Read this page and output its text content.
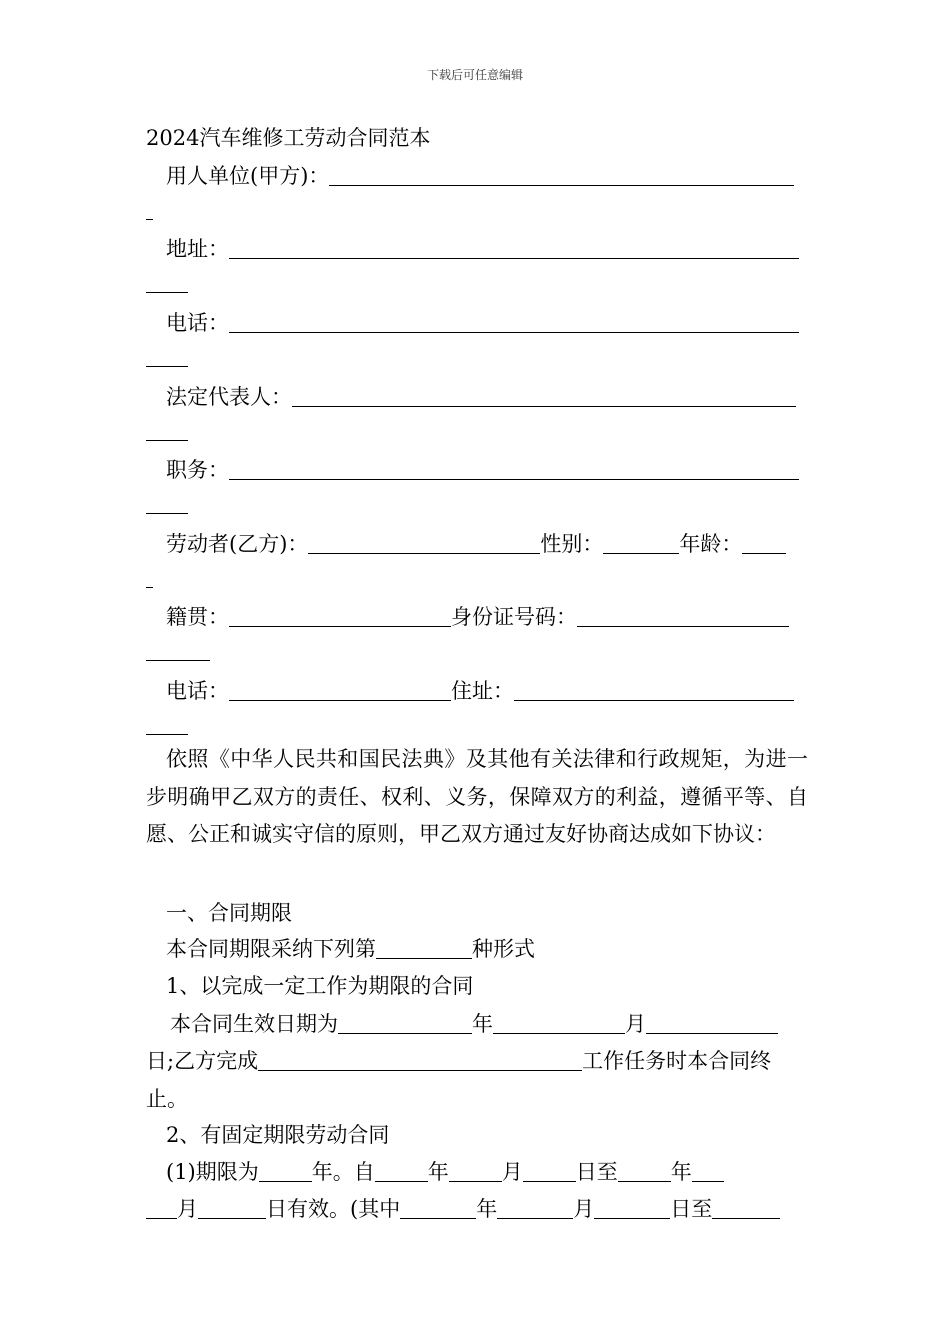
下载后可任意编辑
2024汽车维修工劳动合同范本
用人单位(甲方)：
地址：
电话：
法定代表人：
职务：
劳动者(乙方)：	性别：	年龄：
籍贯：	身份证号码：
电话：	住址：
依照《中华人民共和国民法典》及其他有关法律和行政规矩，为进一步明确甲乙双方的责任、权利、义务，保障双方的利益，遵循平等、自愿、公正和诚实守信的原则，甲乙双方通过友好协商达成如下协议：
一、合同期限
本合同期限采纳下列第	种形式
1、以完成一定工作为期限的合同
本合同生效日期为	年	月
日;乙方完成	工作任务时本合同终
止。
2、有固定期限劳动合同
(1)期限为	年。自	年	月	日至	年
月	日有效。(其中	年	月	日至
